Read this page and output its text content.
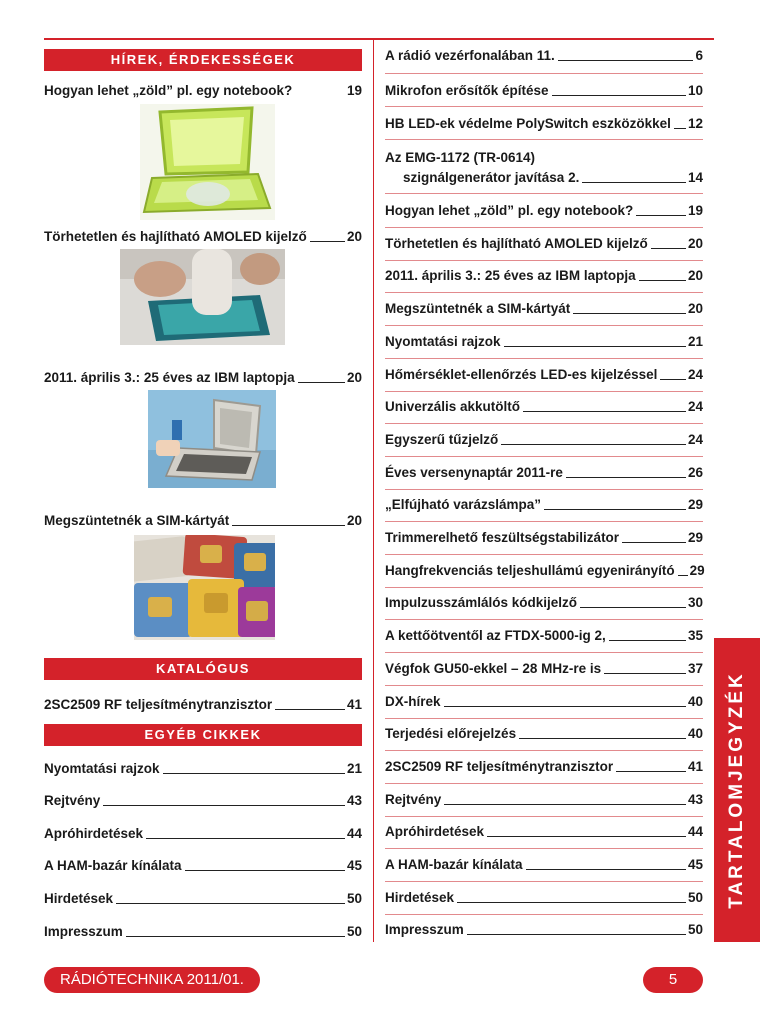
TARTALOMJEGYZÉK
HÍREK, ÉRDEKESSÉGEK
Hogyan lehet „zöld” pl. egy notebook?	19
Törhetetlen és hajlítható AMOLED kijelző	20
2011. április 3.: 25 éves az IBM laptopja	20
Megszüntetnék a SIM-kártyát	20
KATALÓGUS
2SC2509 RF teljesítménytranzisztor	41
EGYÉB CIKKEK
Nyomtatási rajzok	21
Rejtvény	43
Apróhirdetések	44
A HAM-bazár kínálata	45
Hirdetések	50
Impresszum	50
A rádió vezérfonalában 11.	6
Mikrofon erősítők építése	10
HB LED-ek védelme PolySwitch eszközökkel 12
Az EMG-1172 (TR-0614)
szignálgenerátor javítása 2.	14
RÁDIÓTECHNIKA 2011/01.	5
Hogyan lehet „zöld” pl. egy notebook?	19
Törhetetlen és hajlítható AMOLED kijelző	20
2011. április 3.: 25 éves az IBM laptopja	20
Megszüntetnék a SIM-kártyát	20
Nyomtatási rajzok	21
Hőmérséklet-ellenőrzés LED-es kijelzéssel 24
Univerzális akkutöltő	24
Egyszerű tűzjelző	24
Éves versenynaptár 2011-re	26
„Elfújható varázslámpa”	29
Trimmerelhető feszültségstabilizátor	29
Hangfrekvenciás teljeshullámú egyenirányító 29
Impulzusszámlálós kódkijelző	30
A kettőötventől az FTDX-5000-ig 2,	35
Végfok GU50-ekkel – 28 MHz-re is	37
DX-hírek	40
Terjedési előrejelzés	40
2SC2509 RF teljesítménytranzisztor	41
Rejtvény	43
Apróhirdetések	44
A HAM-bazár kínálata	45
Hirdetések	50
Impresszum	50
